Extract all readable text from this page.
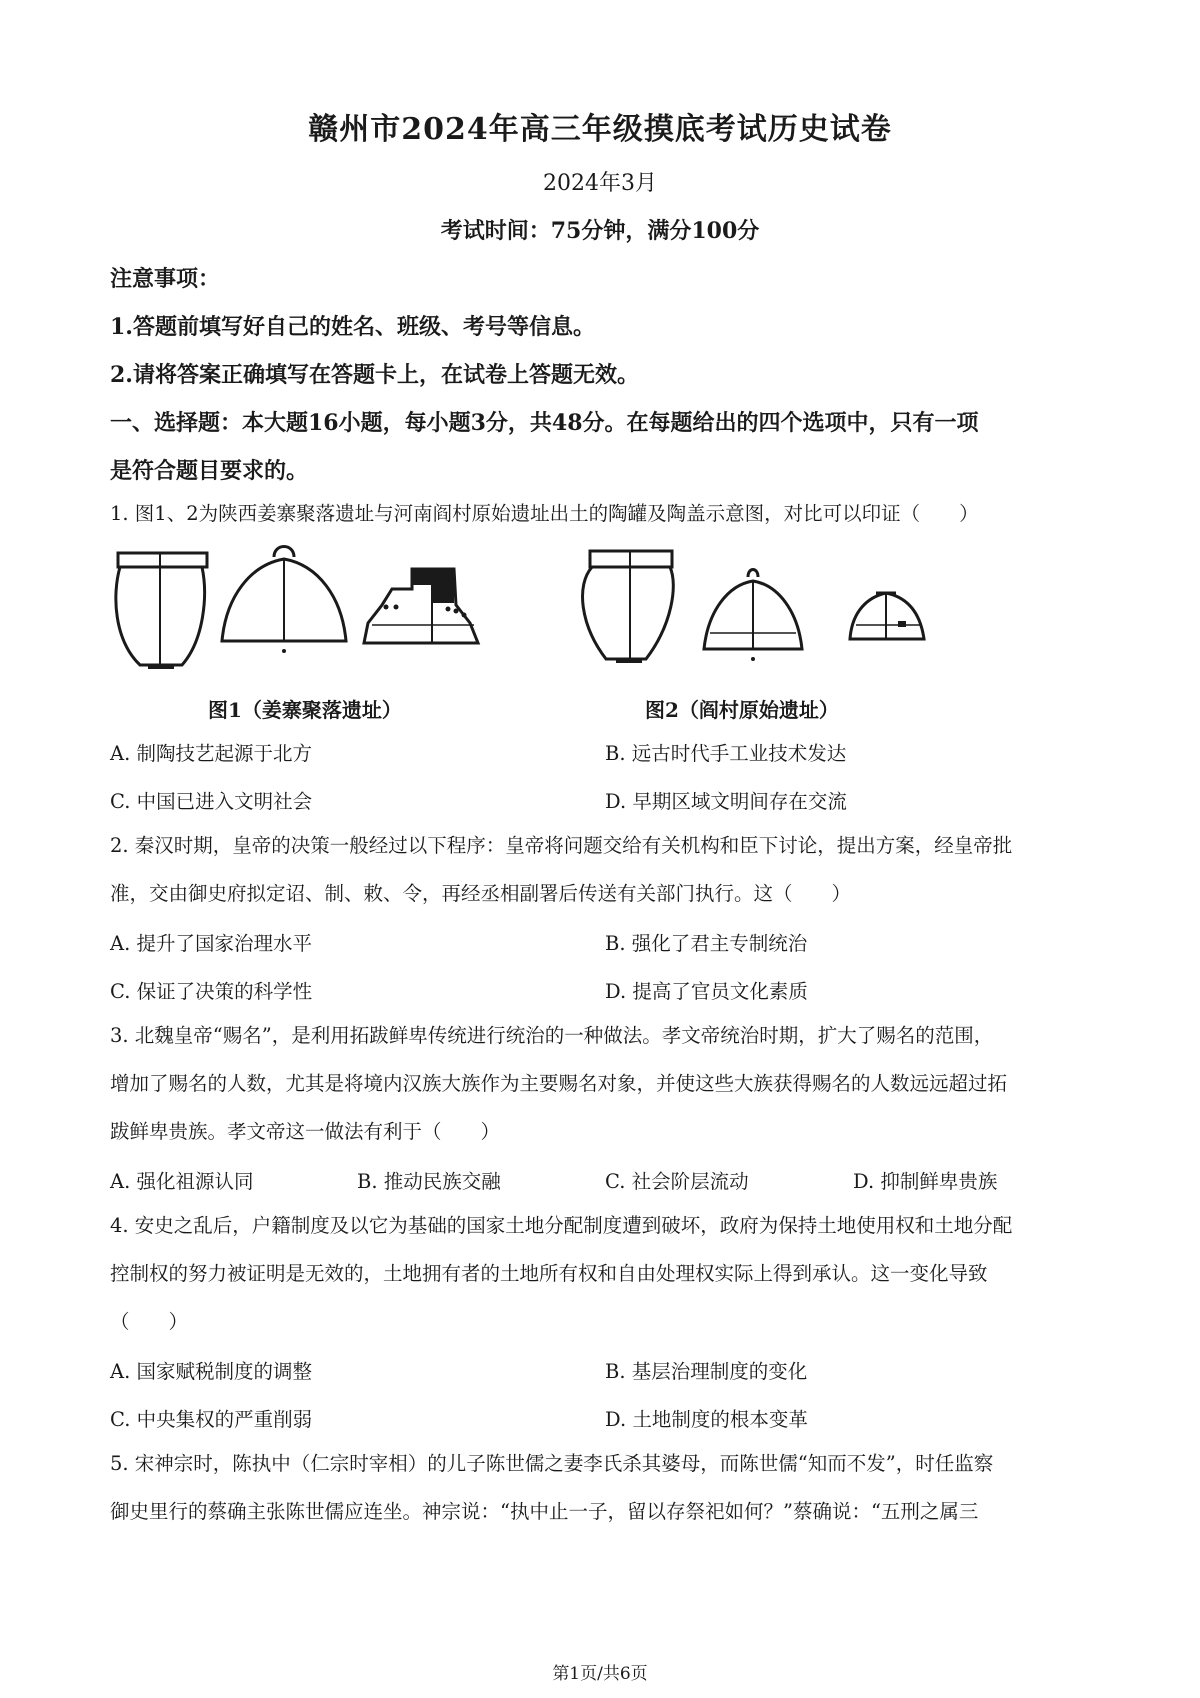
赣州市2024年高三年级摸底考试历史试卷
2024年3月
考试时间：75分钟，满分100分
注意事项：
1.答题前填写好自己的姓名、班级、考号等信息。
2.请将答案正确填写在答题卡上，在试卷上答题无效。
一、选择题：本大题16小题，每小题3分，共48分。在每题给出的四个选项中，只有一项
是符合题目要求的。
1. 图1、2为陕西姜寨聚落遗址与河南阎村原始遗址出土的陶罐及陶盖示意图，对比可以印证（　　）
图1（姜寨聚落遗址）	图2（阎村原始遗址）
A. 制陶技艺起源于北方	B. 远古时代手工业技术发达
C. 中国已进入文明社会	D. 早期区域文明间存在交流
2. 秦汉时期，皇帝的决策一般经过以下程序：皇帝将问题交给有关机构和臣下讨论，提出方案，经皇帝批
准，交由御史府拟定诏、制、敕、令，再经丞相副署后传送有关部门执行。这（　　）
A. 提升了国家治理水平	B. 强化了君主专制统治
C. 保证了决策的科学性	D. 提高了官员文化素质
3. 北魏皇帝“赐名”，是利用拓跋鲜卑传统进行统治的一种做法。孝文帝统治时期，扩大了赐名的范围，
增加了赐名的人数，尤其是将境内汉族大族作为主要赐名对象，并使这些大族获得赐名的人数远远超过拓
跋鲜卑贵族。孝文帝这一做法有利于（　　）
A. 强化祖源认同	B. 推动民族交融	C. 社会阶层流动	D. 抑制鲜卑贵族
4. 安史之乱后，户籍制度及以它为基础的国家土地分配制度遭到破坏，政府为保持土地使用权和土地分配
控制权的努力被证明是无效的，土地拥有者的土地所有权和自由处理权实际上得到承认。这一变化导致
（　　）
A. 国家赋税制度的调整	B. 基层治理制度的变化
C. 中央集权的严重削弱	D. 土地制度的根本变革
5. 宋神宗时，陈执中（仁宗时宰相）的儿子陈世儒之妻李氏杀其婆母，而陈世儒“知而不发”，时任监察
御史里行的蔡确主张陈世儒应连坐。神宗说：“执中止一子，留以存祭祀如何？”蔡确说：“五刑之属三
第1页/共6页
